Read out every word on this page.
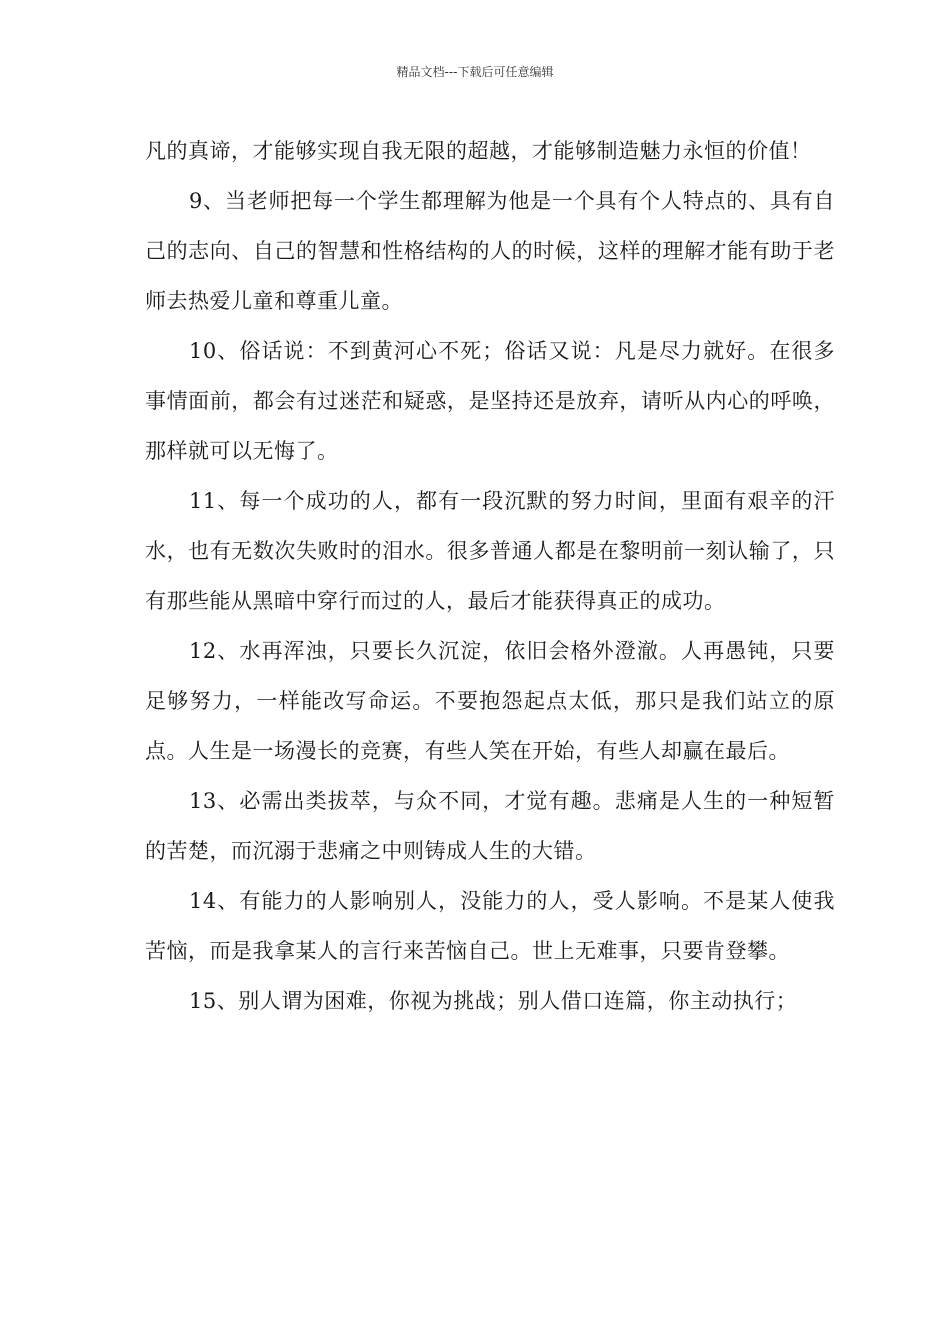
精品文档---下载后可任意编辑

凡的真谛，才能够实现自我无限的超越，才能够制造魅力永恒的价值！

9、当老师把每一个学生都理解为他是一个具有个人特点的、具有自己的志向、自己的智慧和性格结构的人的时候，这样的理解才能有助于老师去热爱儿童和尊重儿童。

10、俗话说：不到黄河心不死；俗话又说：凡是尽力就好。在很多事情面前，都会有过迷茫和疑惑，是坚持还是放弃，请听从内心的呼唤，那样就可以无悔了。

11、每一个成功的人，都有一段沉默的努力时间，里面有艰辛的汗水，也有无数次失败时的泪水。很多普通人都是在黎明前一刻认输了，只有那些能从黑暗中穿行而过的人，最后才能获得真正的成功。

12、水再浑浊，只要长久沉淀，依旧会格外澄澈。人再愚钝，只要足够努力，一样能改写命运。不要抱怨起点太低，那只是我们站立的原点。人生是一场漫长的竞赛，有些人笑在开始，有些人却赢在最后。

13、必需出类拔萃，与众不同，才觉有趣。悲痛是人生的一种短暂的苦楚，而沉溺于悲痛之中则铸成人生的大错。

14、有能力的人影响别人，没能力的人，受人影响。不是某人使我苦恼，而是我拿某人的言行来苦恼自己。世上无难事，只要肯登攀。

15、别人谓为困难，你视为挑战；别人借口连篇，你主动执行；
